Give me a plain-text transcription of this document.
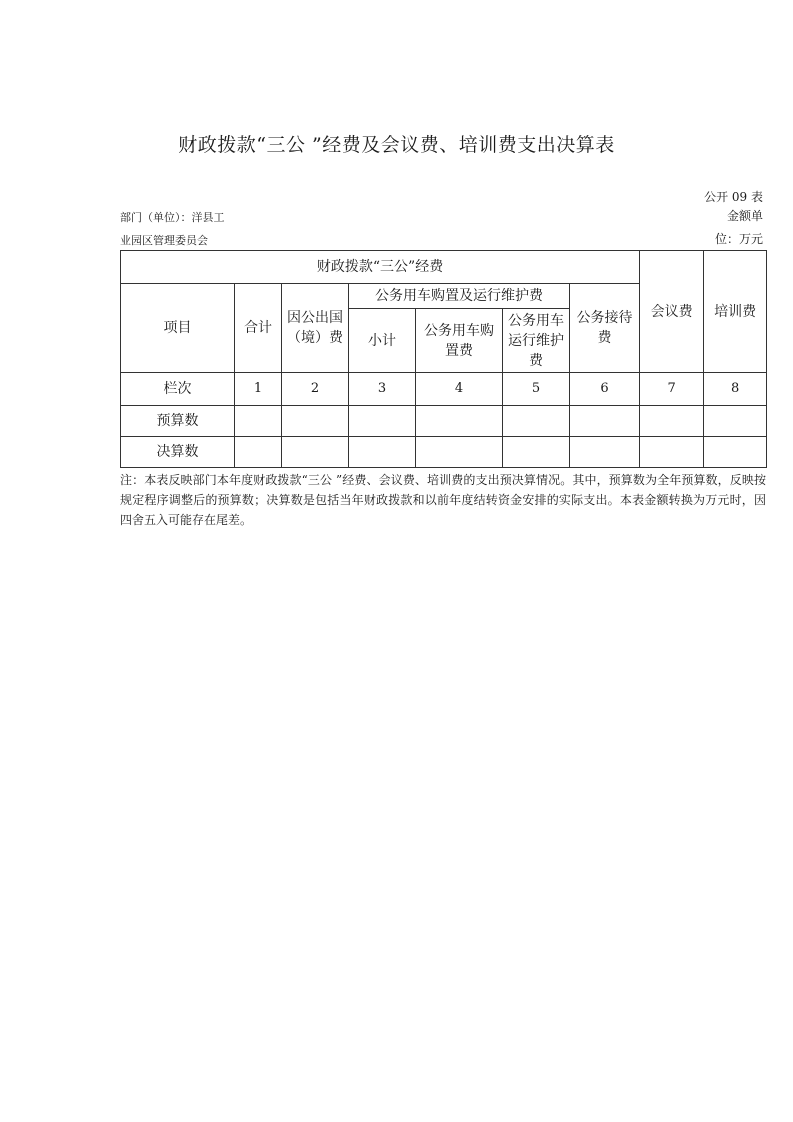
财政拨款“三公 ”经费及会议费、培训费支出决算表
公开 09 表
部门（单位）：洋县工
业园区管理委员会
金额单
位：万元
财政拨款“三公”经费							会议费	培训费
项目	合计	因公出国（境）费	公务用车购置及运行维护费			公务接待费		
			小计	公务用车购置费	公务用车运行维护费			
栏次	1	2	3	4	5	6	7	8
预算数								
决算数								
注：本表反映部门本年度财政拨款“三公 ”经费、会议费、培训费的支出预决算情况。其中，预算数为全年预算数，反映按规定程序调整后的预算数；决算数是包括当年财政拨款和以前年度结转资金安排的实际支出。本表金额转换为万元时，因四舍五入可能存在尾差。
